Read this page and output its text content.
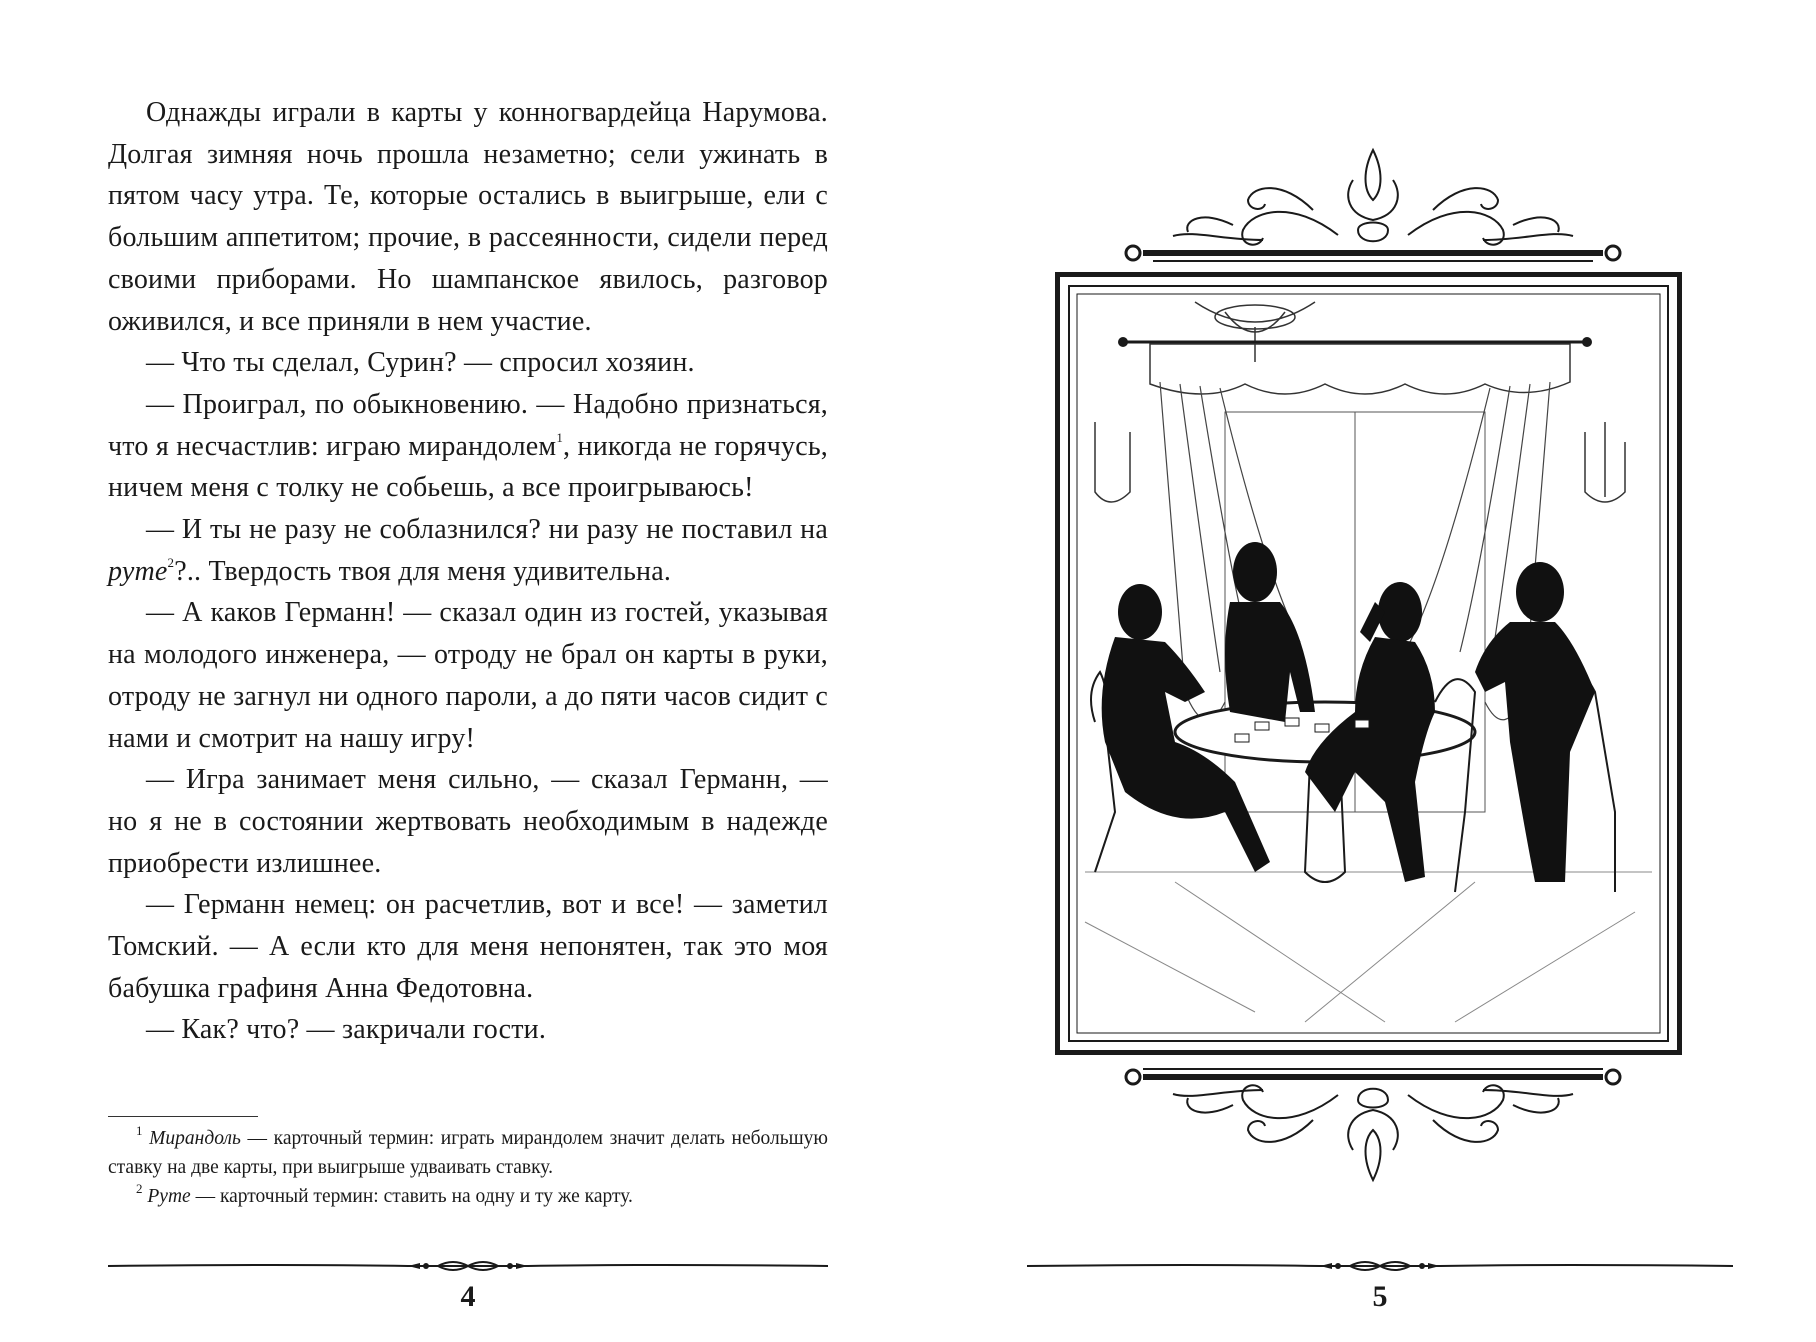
Однажды играли в карты у конногвардейца Нарумова. Долгая зимняя ночь прошла незаметно; сели ужинать в пятом часу утра. Те, которые остались в выигрыше, ели с большим аппетитом; прочие, в рассеянности, сидели перед своими приборами. Но шампанское явилось, разговор оживился, и все приняли в нем участие.

— Что ты сделал, Сурин? — спросил хозяин.

— Проиграл, по обыкновению. — Надобно признаться, что я несчастлив: играю мирандолем$^1$, никогда не горячусь, ничем меня с толку не собьешь, а все проигрываюсь!

— И ты не разу не соблазнился? ни разу не поставил на руте$^2$?.. Твердость твоя для меня удивительна.

— А каков Германн! — сказал один из гостей, указывая на молодого инженера, — отроду не брал он карты в руки, отроду не загнул ни одного пароли, а до пяти часов сидит с нами и смотрит на нашу игру!

— Игра занимает меня сильно, — сказал Германн, — но я не в состоянии жертвовать необходимым в надежде приобрести излишнее.

— Германн немец: он расчетлив, вот и все! — заметил Томский. — А если кто для меня непонятен, так это моя бабушка графиня Анна Федотовна.

— Как? что? — закричали гости.

$^1$ Мирандоль — карточный термин: играть мирандолем значит делать небольшую ставку на две карты, при выигрыше удваивать ставку.

$^2$ Руте — карточный термин: ставить на одну и ту же карту.

4	5
